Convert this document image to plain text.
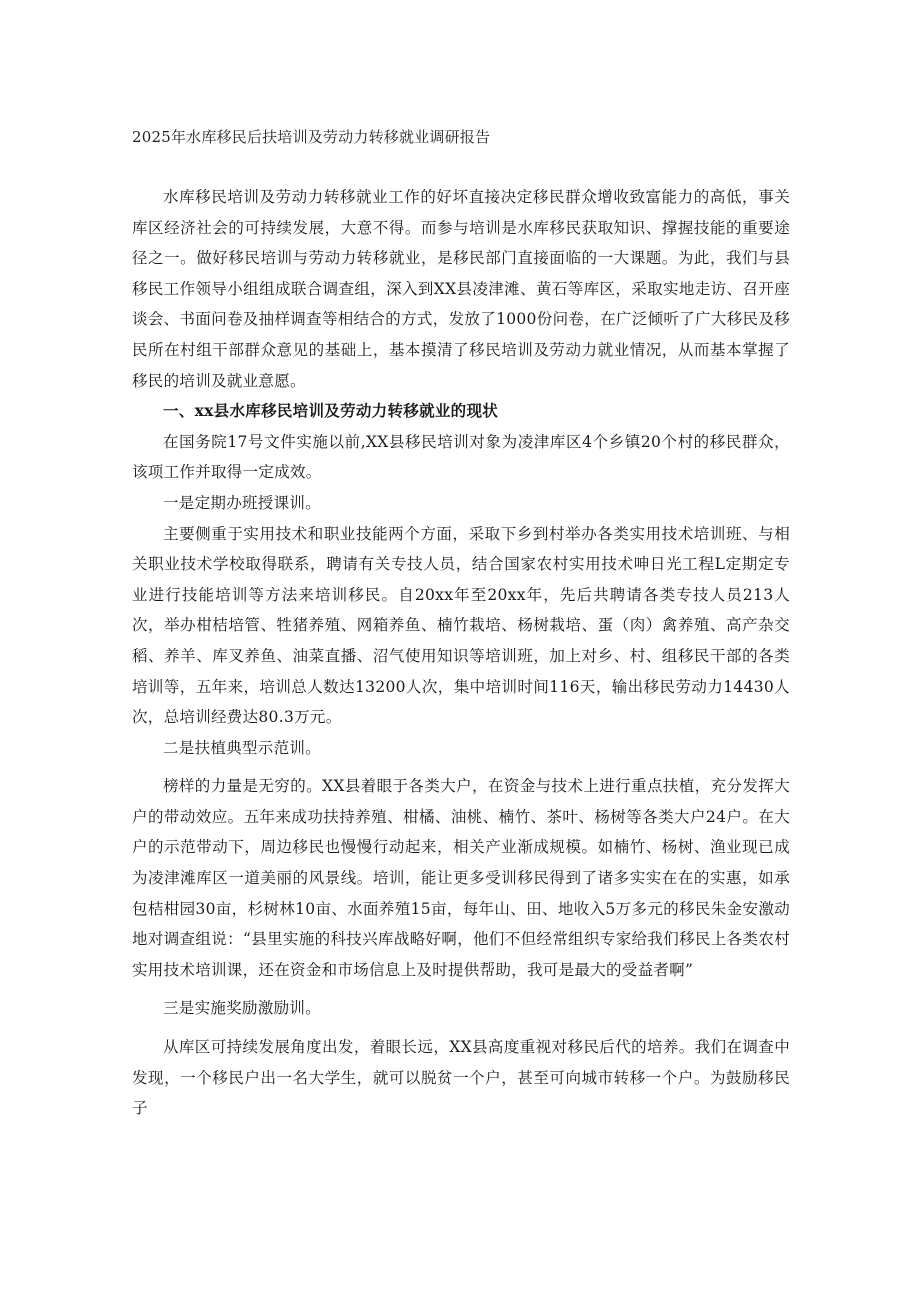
2025年水库移民后扶培训及劳动力转移就业调研报告

水库移民培训及劳动力转移就业工作的好坏直接决定移民群众增收致富能力的高低，事关库区经济社会的可持续发展，大意不得。而参与培训是水库移民获取知识、撑握技能的重要途径之一。做好移民培训与劳动力转移就业，是移民部门直接面临的一大课题。为此，我们与县移民工作领导小组组成联合调查组，深入到XX县凌津滩、黄石等库区，采取实地走访、召开座谈会、书面问卷及抽样调查等相结合的方式，发放了1000份问卷，在广泛倾听了广大移民及移民所在村组干部群众意见的基础上，基本摸清了移民培训及劳动力就业情况，从而基本掌握了移民的培训及就业意愿。

一、xx县水库移民培训及劳动力转移就业的现状

在国务院17号文件实施以前,XX县移民培训对象为凌津库区4个乡镇20个村的移民群众，该项工作并取得一定成效。

一是定期办班授课训。

主要侧重于实用技术和职业技能两个方面，采取下乡到村举办各类实用技术培训班、与相关职业技术学校取得联系，聘请有关专技人员，结合国家农村实用技术呻日光工程L定期定专业进行技能培训等方法来培训移民。自20xx年至20xx年，先后共聘请各类专技人员213人次，举办柑桔培管、牲猪养殖、网箱养鱼、楠竹栽培、杨树栽培、蛋（肉）禽养殖、高产杂交稻、养羊、库叉养鱼、油菜直播、沼气使用知识等培训班，加上对乡、村、组移民干部的各类培训等，五年来，培训总人数达13200人次，集中培训时间116天，输出移民劳动力14430人次，总培训经费达80.3万元。

二是扶植典型示范训。

榜样的力量是无穷的。XX县着眼于各类大户，在资金与技术上进行重点扶植，充分发挥大户的带动效应。五年来成功扶持养殖、柑橘、油桃、楠竹、茶叶、杨树等各类大户24户。在大户的示范带动下，周边移民也慢慢行动起来，相关产业渐成规模。如楠竹、杨树、渔业现已成为凌津滩库区一道美丽的风景线。培训，能让更多受训移民得到了诸多实实在在的实惠，如承包桔柑园30亩，杉树林10亩、水面养殖15亩，每年山、田、地收入5万多元的移民朱金安激动地对调查组说：“县里实施的科技兴库战略好啊，他们不但经常组织专家给我们移民上各类农村实用技术培训课，还在资金和市场信息上及时提供帮助，我可是最大的受益者啊”

三是实施奖励激励训。

从库区可持续发展角度出发，着眼长远，XX县高度重视对移民后代的培养。我们在调查中发现，一个移民户出一名大学生，就可以脱贫一个户，甚至可向城市转移一个户。为鼓励移民子
